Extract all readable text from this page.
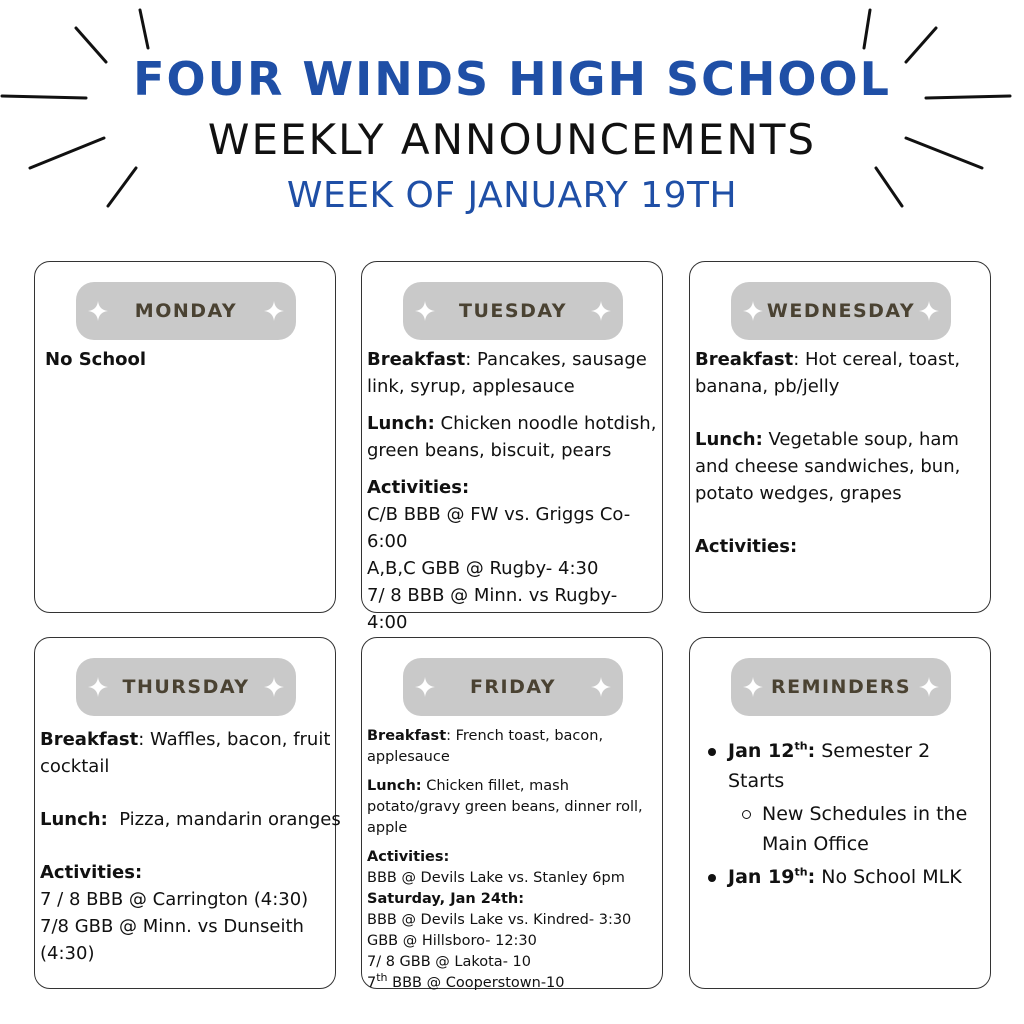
FOUR WINDS HIGH SCHOOL
WEEKLY ANNOUNCEMENTS
WEEK OF JANUARY 19TH
MONDAY

No School

TUESDAY

Breakfast: Pancakes, sausage link, syrup, applesauce

Lunch: Chicken noodle hotdish, green beans, biscuit, pears

Activities:
C/B BBB @ FW vs. Griggs Co-6:00
A,B,C GBB @ Rugby- 4:30
7/ 8 BBB @ Minn. vs Rugby- 4:00

WEDNESDAY

Breakfast: Hot cereal, toast, banana, pb/jelly

Lunch: Vegetable soup, ham and cheese sandwiches, bun, potato wedges, grapes

Activities:

THURSDAY

Breakfast: Waffles, bacon, fruit cocktail

Lunch:  Pizza, mandarin oranges

Activities:
7 / 8 BBB @ Carrington (4:30)
7/8 GBB @ Minn. vs Dunseith (4:30)

FRIDAY

Breakfast: French toast, bacon, applesauce

Lunch: Chicken fillet, mash potato/gravy green beans, dinner roll, apple

Activities:
BBB @ Devils Lake vs. Stanley 6pm
Saturday, Jan 24th:
BBB @ Devils Lake vs. Kindred- 3:30
GBB @ Hillsboro- 12:30
7/ 8 GBB @ Lakota- 10
7th BBB @ Cooperstown-10

REMINDERS
Jan 12th: Semester 2 Starts
New Schedules in the Main Office
Jan 19th: No School MLK
